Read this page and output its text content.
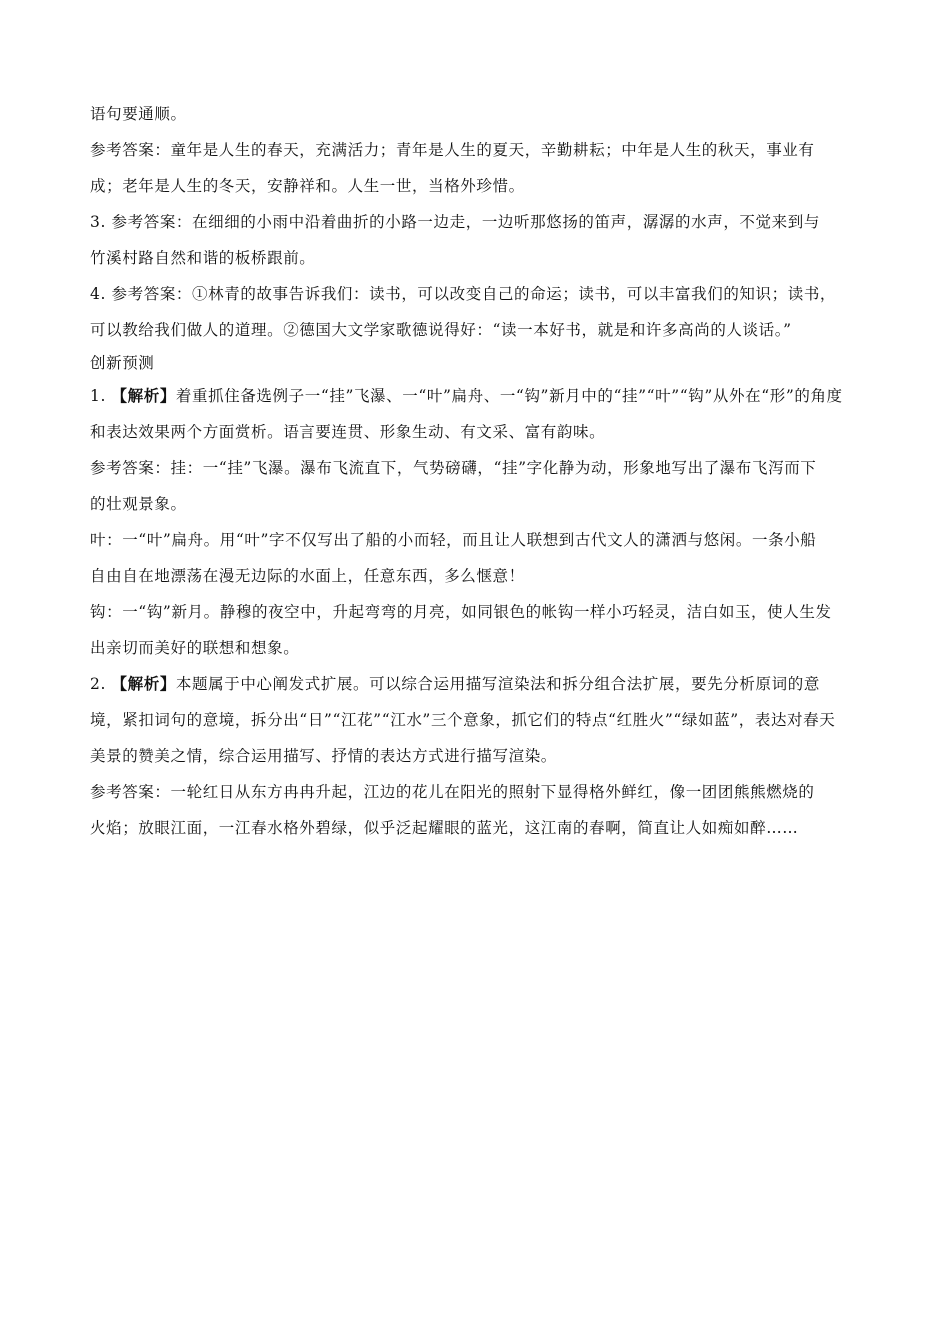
语句要通顺。
参考答案：童年是人生的春天，充满活力；青年是人生的夏天，辛勤耕耘；中年是人生的秋天，事业有
成；老年是人生的冬天，安静祥和。人生一世，当格外珍惜。
3. 参考答案：在细细的小雨中沿着曲折的小路一边走，一边听那悠扬的笛声，潺潺的水声，不觉来到与
竹溪村路自然和谐的板桥跟前。
4. 参考答案：①林青的故事告诉我们：读书，可以改变自己的命运；读书，可以丰富我们的知识；读书，
可以教给我们做人的道理。②德国大文学家歌德说得好：“读一本好书，就是和许多高尚的人谈话。”
创新预测
1. 【解析】着重抓住备选例子一“挂”飞瀑、一“叶”扁舟、一“钩”新月中的“挂”“叶”“钩”从外在“形”的角度
和表达效果两个方面赏析。语言要连贯、形象生动、有文采、富有韵味。
参考答案：挂：一“挂”飞瀑。瀑布飞流直下，气势磅礴，“挂”字化静为动，形象地写出了瀑布飞泻而下
的壮观景象。
叶：一“叶”扁舟。用“叶”字不仅写出了船的小而轻，而且让人联想到古代文人的潇洒与悠闲。一条小船
自由自在地漂荡在漫无边际的水面上，任意东西，多么惬意！
钩：一“钩”新月。静穆的夜空中，升起弯弯的月亮，如同银色的帐钩一样小巧轻灵，洁白如玉，使人生发
出亲切而美好的联想和想象。
2. 【解析】本题属于中心阐发式扩展。可以综合运用描写渲染法和拆分组合法扩展，要先分析原词的意
境，紧扣词句的意境，拆分出“日”“江花”“江水”三个意象，抓它们的特点“红胜火”“绿如蓝”，表达对春天
美景的赞美之情，综合运用描写、抒情的表达方式进行描写渲染。
参考答案：一轮红日从东方冉冉升起，江边的花儿在阳光的照射下显得格外鲜红，像一团团熊熊燃烧的
火焰；放眼江面，一江春水格外碧绿，似乎泛起耀眼的蓝光，这江南的春啊，简直让人如痴如醉……
